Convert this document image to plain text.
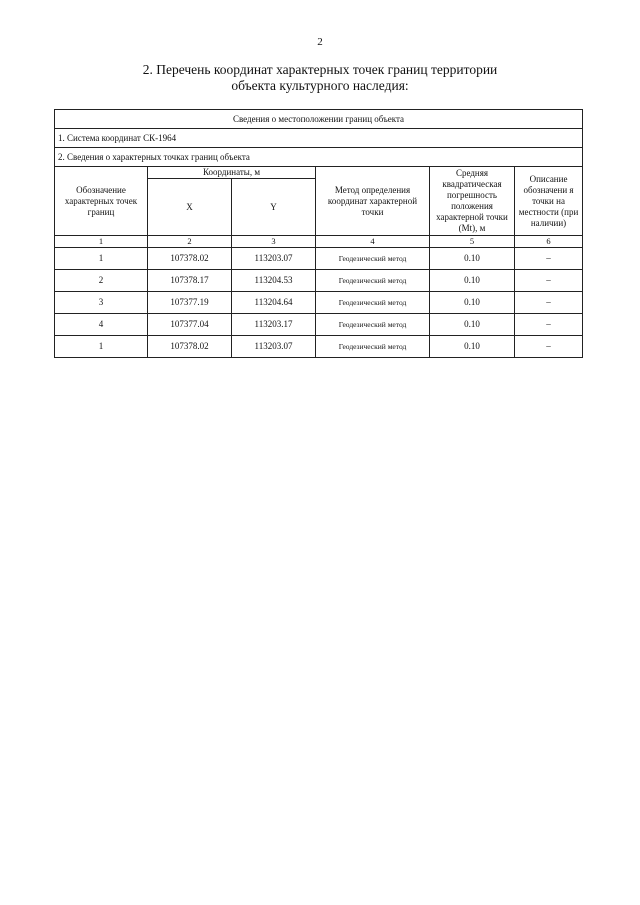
2
2. Перечень координат характерных точек границ территории
объекта культурного наследия:
Сведения о местоположении границ объекта					
1. Система координат СК-1964					
2. Сведения о характерных точках границ объекта					
Обозначение характерных точек границ	Координаты, м		Метод определения координат характерной точки	Средняя квадратическая погрешность положения характерной точки (Mt), м	Описание обозначени я точки на местности (при наличии)
	X	Y			
1	2	3	4	5	6
1	107378.02	113203.07	Геодезический метод	0.10	–
2	107378.17	113204.53	Геодезический метод	0.10	–
3	107377.19	113204.64	Геодезический метод	0.10	–
4	107377.04	113203.17	Геодезический метод	0.10	–
1	107378.02	113203.07	Геодезический метод	0.10	–
